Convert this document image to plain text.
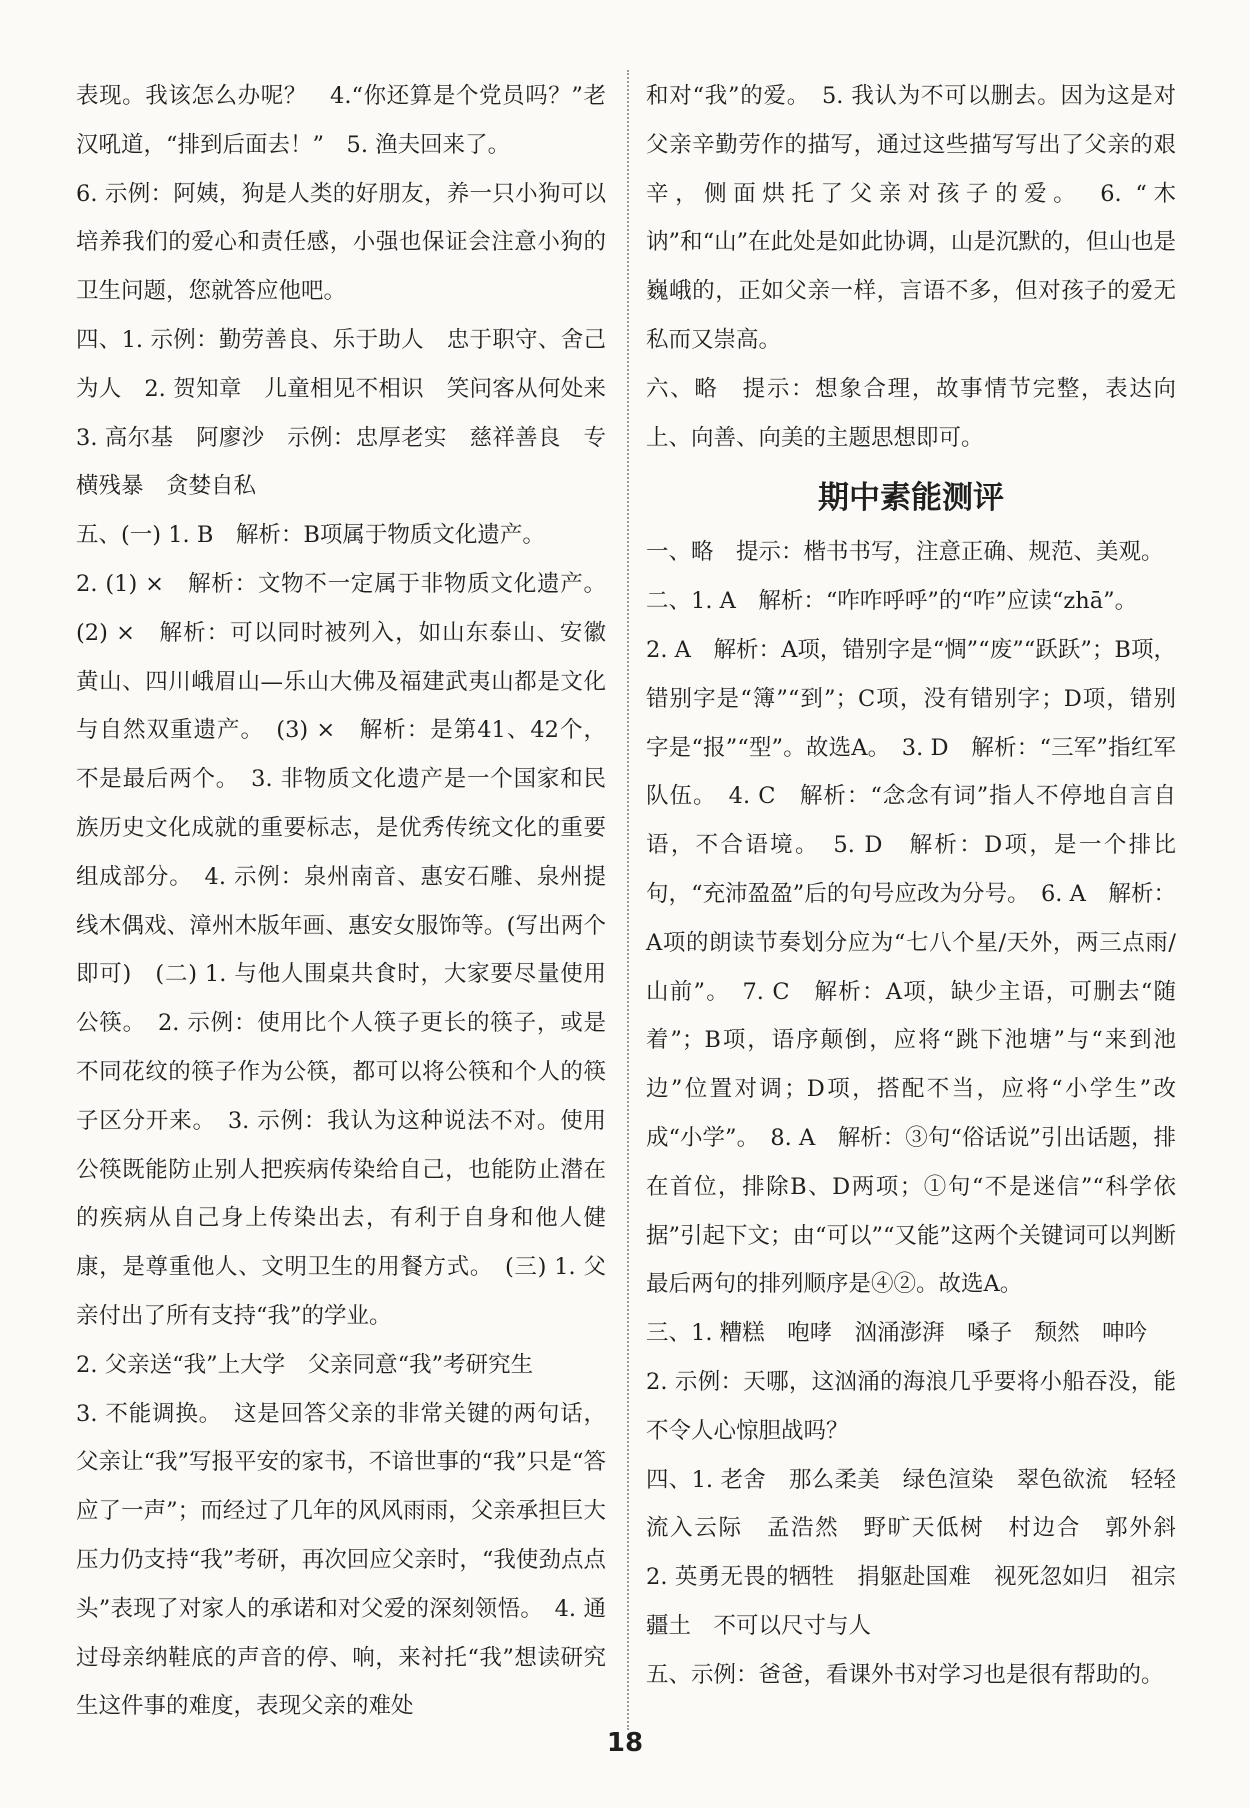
表现。我该怎么办呢？　4.“你还算是个党员吗？”老汉吼道，“排到后面去！”　5. 渔夫回来了。

6. 示例：阿姨，狗是人类的好朋友，养一只小狗可以培养我们的爱心和责任感，小强也保证会注意小狗的卫生问题，您就答应他吧。

四、1. 示例：勤劳善良、乐于助人　忠于职守、舍己为人　2. 贺知章　儿童相见不相识　笑问客从何处来　3. 高尔基　阿廖沙　示例：忠厚老实　慈祥善良　专横残暴　贪婪自私

五、(一) 1. B　解析：B项属于物质文化遗产。

2. (1) ×　解析：文物不一定属于非物质文化遗产。(2) ×　解析：可以同时被列入，如山东泰山、安徽黄山、四川峨眉山—乐山大佛及福建武夷山都是文化与自然双重遗产。　(3) ×　解析：是第41、42个，不是最后两个。　3. 非物质文化遗产是一个国家和民族历史文化成就的重要标志，是优秀传统文化的重要组成部分。　4. 示例：泉州南音、惠安石雕、泉州提线木偶戏、漳州木版年画、惠安女服饰等。(写出两个即可)　(二) 1. 与他人围桌共食时，大家要尽量使用公筷。　2. 示例：使用比个人筷子更长的筷子，或是不同花纹的筷子作为公筷，都可以将公筷和个人的筷子区分开来。　3. 示例：我认为这种说法不对。使用公筷既能防止别人把疾病传染给自己，也能防止潜在的疾病从自己身上传染出去，有利于自身和他人健康，是尊重他人、文明卫生的用餐方式。　(三) 1. 父亲付出了所有支持“我”的学业。

2. 父亲送“我”上大学　父亲同意“我”考研究生

3. 不能调换。　这是回答父亲的非常关键的两句话，父亲让“我”写报平安的家书，不谙世事的“我”只是“答应了一声”；而经过了几年的风风雨雨，父亲承担巨大压力仍支持“我”考研，再次回应父亲时，“我使劲点点头”表现了对家人的承诺和对父爱的深刻领悟。　4. 通过母亲纳鞋底的声音的停、响，来衬托“我”想读研究生这件事的难度，表现父亲的难处

和对“我”的爱。　5. 我认为不可以删去。因为这是对父亲辛勤劳作的描写，通过这些描写写出了父亲的艰辛，侧面烘托了父亲对孩子的爱。　6. “木讷”和“山”在此处是如此协调，山是沉默的，但山也是巍峨的，正如父亲一样，言语不多，但对孩子的爱无私而又崇高。

六、略　提示：想象合理，故事情节完整，表达向上、向善、向美的主题思想即可。

期中素能测评

一、略　提示：楷书书写，注意正确、规范、美观。

二、1. A　解析：“咋咋呼呼”的“咋”应读“zhā”。

2. A　解析：A项，错别字是“惆”“废”“跃跃”；B项，错别字是“簿”“到”；C项，没有错别字；D项，错别字是“报”“型”。故选A。　3. D　解析：“三军”指红军队伍。　4. C　解析：“念念有词”指人不停地自言自语，不合语境。　5. D　解析：D项，是一个排比句，“充沛盈盈”后的句号应改为分号。　6. A　解析：A项的朗读节奏划分应为“七八个星/天外，两三点雨/山前”。　7. C　解析：A项，缺少主语，可删去“随着”；B项，语序颠倒，应将“跳下池塘”与“来到池边”位置对调；D项，搭配不当，应将“小学生”改成“小学”。　8. A　解析：③句“俗话说”引出话题，排在首位，排除B、D两项；①句“不是迷信”“科学依据”引起下文；由“可以”“又能”这两个关键词可以判断最后两句的排列顺序是④②。故选A。

三、1. 糟糕　咆哮　汹涌澎湃　嗓子　颓然　呻吟

2. 示例：天哪，这汹涌的海浪几乎要将小船吞没，能不令人心惊胆战吗？

四、1. 老舍　那么柔美　绿色渲染　翠色欲流　轻轻流入云际　孟浩然　野旷天低树　村边合　郭外斜　2. 英勇无畏的牺牲　捐躯赴国难　视死忽如归　祖宗疆土　不可以尺寸与人

五、示例：爸爸，看课外书对学习也是很有帮助的。

18
